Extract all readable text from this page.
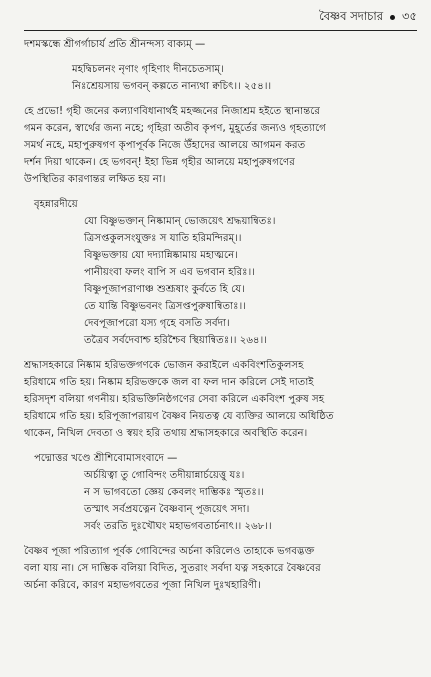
বৈষ্ণব সদাচার ৩৫
দশমস্কন্ধে শ্রীগর্গাচার্য প্রতি শ্রীনন্দস্য বাক্যম্ —
মহদ্বিচলনং নৃণাং গৃহিণাং দীনচেতসাম্।
নিঃশ্রেয়সায় ভগবন্ কল্পতে নান্যথা ক্বচিৎ।। ২৫৪।।
হে প্রভো! গৃহী জনের কল্যাণবিধানার্থই মহজ্জনের নিজাশ্রম হইতে স্থানান্তরে
গমন করেন, স্বার্থের জন্য নহে; গৃহিরা অতীব কৃপণ, মুহূর্তের জন্যও গৃহত্যাগে
সমর্থ নহে, মহাপুরুষগণ কৃপাপূর্বক নিজে উঁহাদের আলয়ে আগমন করত
দর্শন দিয়া থাকেন। হে ভগবন্! ইহা ভিন্ন গৃহীর আলয়ে মহাপুরুষগণের
উপস্থিতির কারণান্তর লক্ষিত হয় না।
বৃহন্নারদীয়ে
যো বিষ্ণুভক্তান্ নিষ্কামান্ ভোজয়েৎ শ্রদ্ধয়ান্বিতঃ।
ত্রিসপ্তকুলসংযুক্তঃ স যাতি হরিমন্দিরম্।।
বিষ্ণুভক্তায় যো দদ্যান্নিষ্কামায় মহাত্মনে।
পানীয়ংবা ফলং বাপি স এব ভগবান হরিঃ।।
বিষ্ণুপূজাপরাণাঞ্চ শুশ্রূষাং কুর্বতে হি যে।
তে যান্তি বিষ্ণুভবনং ত্রিসপ্তপুরুষান্বিতাঃ।।
দেবপূজাপরো যস্য গৃহে বসতি সর্বদা।
তত্রৈব সর্বদেবাশ্চ হরিশ্চৈব স্থিয়ান্বিতঃ।। ২৬৪।।
শ্রদ্ধাসহকারে নিষ্কাম হরিভক্তগণকে ভোজন করাইলে একবিংশতিকুলসহ
হরিধামে গতি হয়। নিষ্কাম হরিভক্তকে জল বা ফল দান করিলে সেই দাতাই
হরিসদৃশ বলিয়া গণনীয়। হরিভক্তিনিষ্ঠগণের সেবা করিলে একবিংশ পুরুষ সহ
হরিধামে গতি হয়। হরিপূজাপরায়ণ বৈষ্ণব নিয়তত্ব যে ব্যক্তির আলয়ে অধিষ্ঠিত
থাকেন, নিখিল দেবতা ও স্বয়ং হরি তথায় শ্রদ্ধাসহকারে অবস্থিতি করেন।
পদ্মোত্তর খণ্ডে শ্রীশিবোমাসংবাদে —
অর্চয়িত্বা তু গোবিন্দং তদীয়ান্নার্চয়েত্তু যঃ।
ন স ভাগবতো জ্ঞেয় কেবলং দাম্ভিকঃ স্মৃতঃ।।
তস্মাৎ সর্বপ্রযত্নেন বৈষ্ণবান্ পূজয়েৎ সদা।
সর্বং তরতি দুঃখৌঘং মহাভগবতার্চনাৎ।। ২৬৮।।
বৈষ্ণব পূজা পরিত্যাগ পূর্বক গোবিন্দের অর্চনা করিলেও তাহাকে ভগবদ্ভক্ত
বলা যায় না। সে দাম্ভিক বলিয়া বিদিত, সুতরাং সর্বদা যত্ন সহকারে বৈষ্ণবের
অর্চনা করিবে, কারণ মহাভগবতের পূজা নিখিল দুঃখহারিণী।
